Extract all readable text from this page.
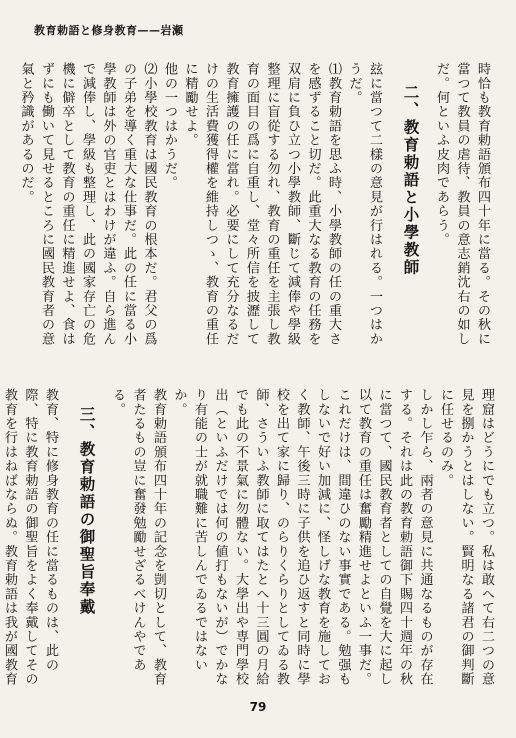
教育勅語と修身教育——岩瀬

時恰も教育勅語頒布四十年に當る。その秋に當つて教員の虐待、教員の意志銷沈右の如しだ。何といふ皮肉であらう。

二、教育勅語と小學教師

玆に當つて二樣の意見が行はれる。一つはかうだ。

⑴教育勅語を思ふ時、小學教師の任の重大さを感ずること切だ。此重大なる教育の任務を双肩に負ひ立つ小學教師、斷じて減俸や學級整理に盲從する勿れ、教育の重任を主張し教育の面目の爲に自重し、堂々所信を披瀝して教育擁護の任に當れ。必要にして充分なるだけの生活費獲得權を維持しつゝ、教育の重任に精勵せよ。

他の一つはかうだ。

⑵小學校教育は國民教育の根本だ。君父の爲の子弟を導く重大な仕事だ。此の任に當る小學教師は外の官吏とはわけが違ふ。自ら進んで減俸し、學級も整理し、此の國家存亡の危機に僻卒として教育の重任に精進せよ、食はずにも働いて見せるところに國民教育者の意氣と矜識があるのだ。

理窟はどうにでも立つ。私は敢へて右二つの意見を捌かうとはしない。賢明なる諸君の御判斷に任せるのみ。

しかし乍ら、兩者の意見に共通なるものが存在する。それは此の教育勅語御下賜四十週年の秋に當つて、國民教育者としての自覺を大に起し以て教育の重任は奮勵精進せよといふ一事だ。

これだけは、間違ひのない事實である。勉强もしないで好い加減に、怪しげな教育を施しておく教師、午後三時に子供を追ひ返すと同時に學校を出て家に歸り、のらりくらりとしてゐる教師、さういふ教師に取てはたとへ十三圓の月給でも此の不景氣に勿體ない。大學出や専門學校出（といふだけでは何の値打もないが）でかなり有能の士が就職難に苦しんでゐるではないか。

教育勅語頒布四十年の記念を剴切として、教育者たるもの豈に奮發勉勵せざるべけんやである。

三、教育勅語の御聖旨奉戴

教育、特に修身教育の任に當るものは、此の際、特に教育勅語の御聖旨をよく奉戴してその教育を行はねばならぬ。教育勅語は我が國教育

79
